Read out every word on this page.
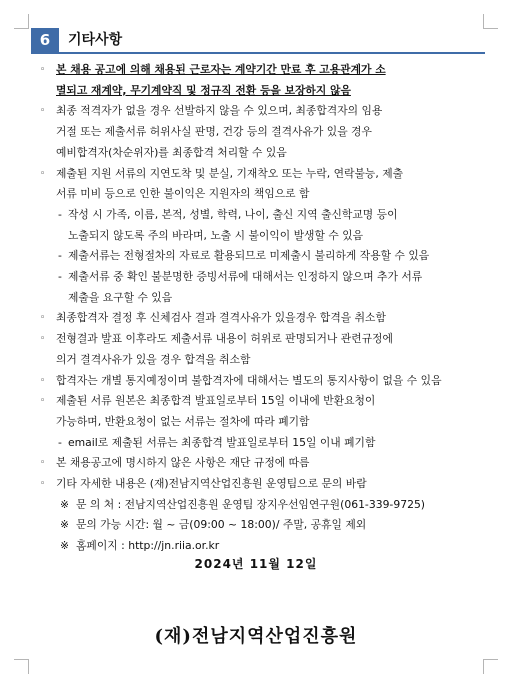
6	기타사항
◦ 본 채용 공고에 의해 채용된 근로자는 계약기간 만료 후 고용관계가 소
멸되고 재계약, 무기계약직 및 정규직 전환 등을 보장하지 않음
◦ 최종 적격자가 없을 경우 선발하지 않을 수 있으며, 최종합격자의 임용
거절 또는 제출서류 허위사실 판명, 건강 등의 결격사유가 있을 경우
예비합격자(차순위자)를 최종합격 처리할 수 있음
◦ 제출된 지원 서류의 지연도착 및 분실, 기재착오 또는 누락, 연락불능, 제출
서류 미비 등으로 인한 불이익은 지원자의 책임으로 함
- 작성 시 가족, 이름, 본적, 성별, 학력, 나이, 출신 지역 출신학교명 등이
노출되지 않도록 주의 바라며, 노출 시 불이익이 발생할 수 있음
- 제출서류는 전형절차의 자료로 활용되므로 미제출시 불리하게 작용할 수 있음
- 제출서류 중 확인 불분명한 증빙서류에 대해서는 인정하지 않으며 추가 서류
제출을 요구할 수 있음
◦ 최종합격자 결정 후 신체검사 결과 결격사유가 있을경우 합격을 취소함
◦ 전형결과 발표 이후라도 제출서류 내용이 허위로 판명되거나 관련규정에
의거 결격사유가 있을 경우 합격을 취소함
◦ 합격자는 개별 통지예정이며 불합격자에 대해서는 별도의 통지사항이 없을 수 있음
◦ 제출된 서류 원본은 최종합격 발표일로부터 15일 이내에 반환요청이
가능하며, 반환요청이 없는 서류는 절차에 따라 폐기함
- email로 제출된 서류는 최종합격 발표일로부터 15일 이내 폐기함
◦ 본 채용공고에 명시하지 않은 사항은 재단 규정에 따름
◦ 기타 자세한 내용은 (재)전남지역산업진흥원 운영팀으로 문의 바람
※ 문 의 처 : 전남지역산업진흥원 운영팀 장지우선임연구원(061-339-9725)
※ 문의 가능 시간: 월 ~ 금(09:00 ~ 18:00)/ 주말, 공휴일 제외
※ 홈페이지 : http://jn.riia.or.kr
2024년 11월 12일
(재)전남지역산업진흥원
